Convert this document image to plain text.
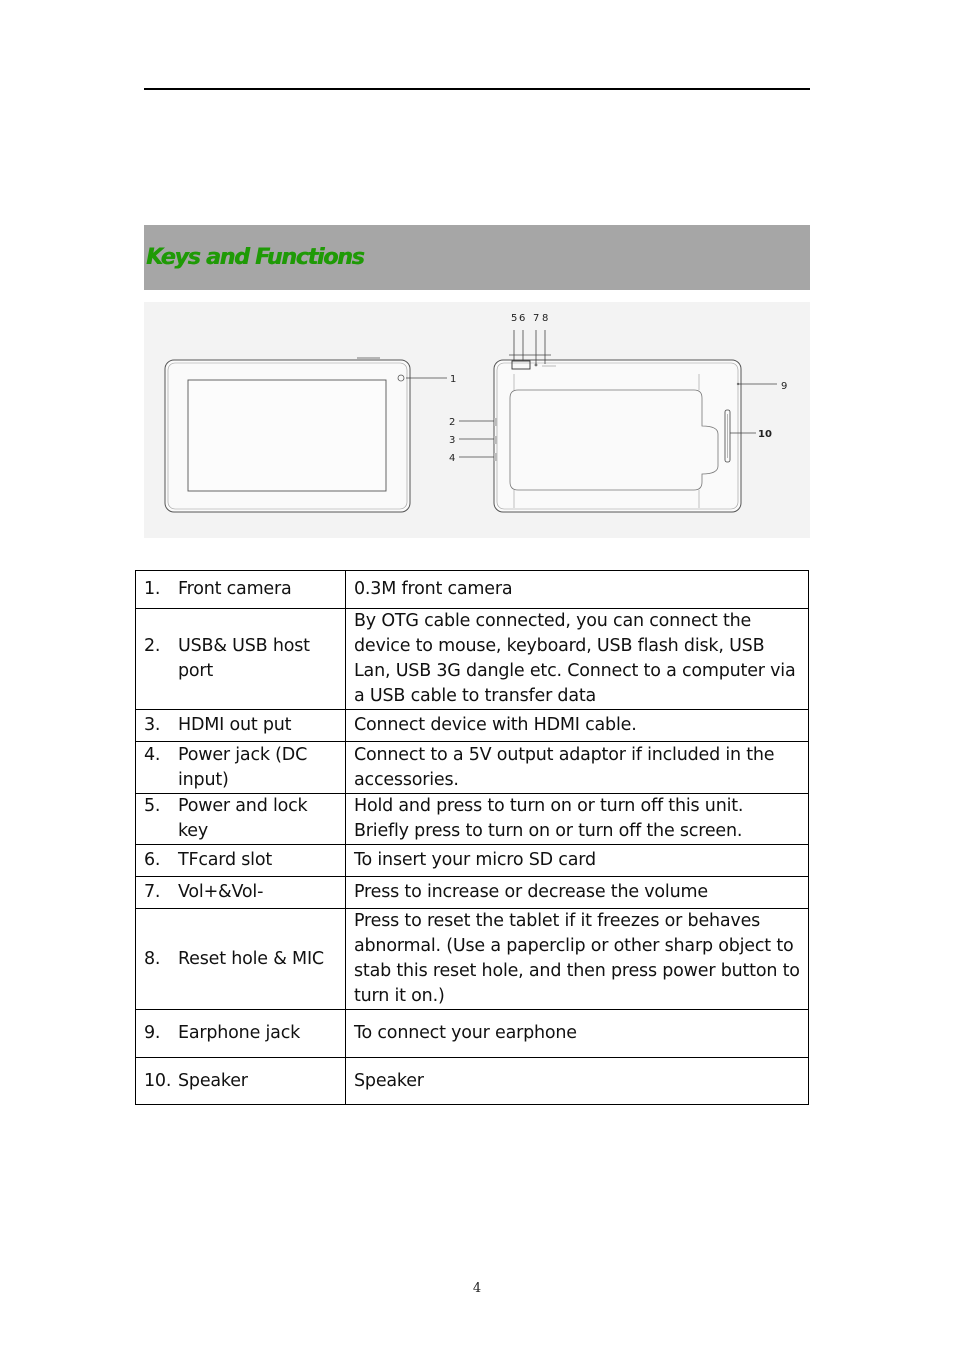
Keys and Functions
1
2
3
4
5 6 7 8
9
10
1. Front camera	0.3M front camera

2. USB& USB host port	By OTG cable connected, you can connect the device to mouse, keyboard, USB flash disk, USB Lan, USB 3G dangle etc. Connect to a computer via a USB cable to transfer data

3. HDMI out put	Connect device with HDMI cable.

4. Power jack (DC input)	Connect to a 5V output adaptor if included in the accessories.

5. Power and lock key	Hold and press to turn on or turn off this unit. Briefly press to turn on or turn off the screen.

6. TFcard slot	To insert your micro SD card

7. Vol+&Vol-	Press to increase or decrease the volume

8. Reset hole & MIC	Press to reset the tablet if it freezes or behaves abnormal. (Use a paperclip or other sharp object to stab this reset hole, and then press power button to turn it on.)

9. Earphone jack	To connect your earphone

10. Speaker	Speaker
4
